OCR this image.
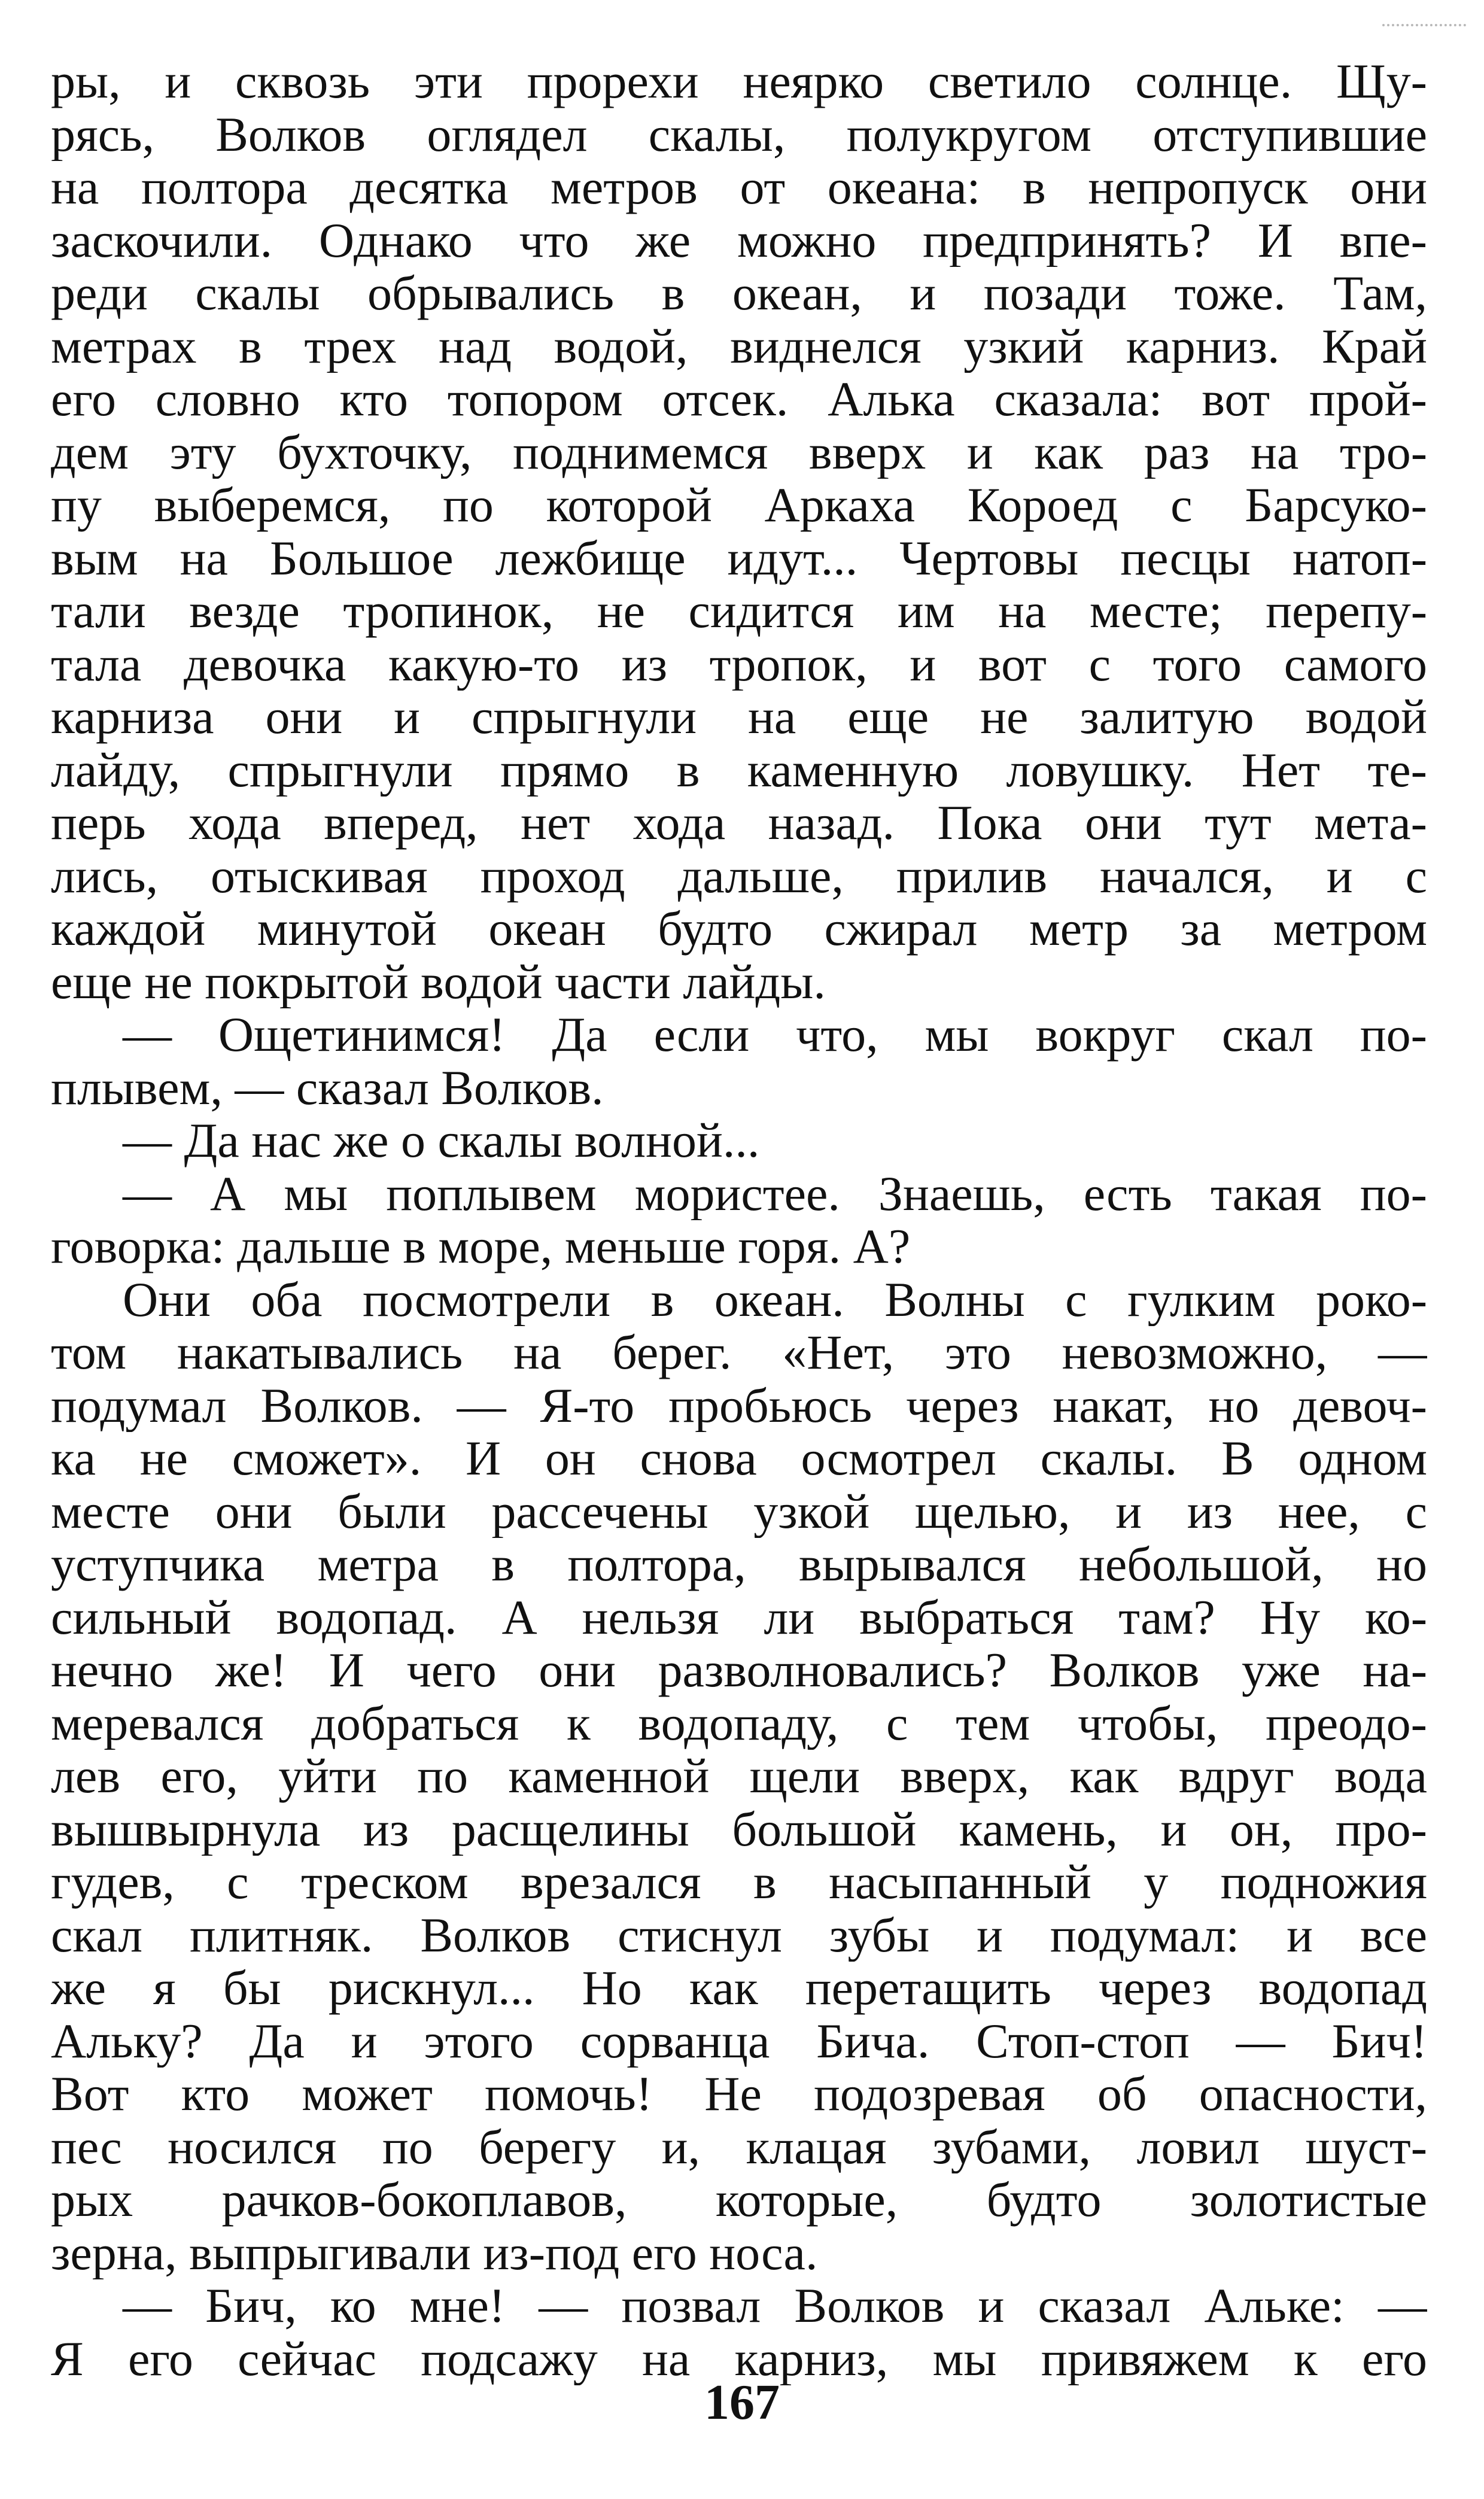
ры, и сквозь эти прорехи неярко светило солнце. Щу-
рясь, Волков оглядел скалы, полукругом отступившие
на полтора десятка метров от океана: в непропуск они
заскочили. Однако что же можно предпринять? И впе-
реди скалы обрывались в океан, и позади тоже. Там,
метрах в трех над водой, виднелся узкий карниз. Край
его словно кто топором отсек. Алька сказала: вот прой-
дем эту бухточку, поднимемся вверх и как раз на тро-
пу выберемся, по которой Аркаха Короед с Барсуко-
вым на Большое лежбище идут... Чертовы песцы натоп-
тали везде тропинок, не сидится им на месте; перепу-
тала девочка какую-то из тропок, и вот с того самого
карниза они и спрыгнули на еще не залитую водой
лайду, спрыгнули прямо в каменную ловушку. Нет те-
перь хода вперед, нет хода назад. Пока они тут мета-
лись, отыскивая проход дальше, прилив начался, и с
каждой минутой океан будто сжирал метр за метром
еще не покрытой водой части лайды.
— Ощетинимся! Да если что, мы вокруг скал по-
плывем, — сказал Волков.
— Да нас же о скалы волной...
— А мы поплывем мористее. Знаешь, есть такая по-
говорка: дальше в море, меньше горя. А?
Они оба посмотрели в океан. Волны с гулким роко-
том накатывались на берег. «Нет, это невозможно, —
подумал Волков. — Я-то пробьюсь через накат, но девоч-
ка не сможет». И он снова осмотрел скалы. В одном
месте они были рассечены узкой щелью, и из нее, с
уступчика метра в полтора, вырывался небольшой, но
сильный водопад. А нельзя ли выбраться там? Ну ко-
нечно же! И чего они разволновались? Волков уже на-
меревался добраться к водопаду, с тем чтобы, преодо-
лев его, уйти по каменной щели вверх, как вдруг вода
вышвырнула из расщелины большой камень, и он, про-
гудев, с треском врезался в насыпанный у подножия
скал плитняк. Волков стиснул зубы и подумал: и все
же я бы рискнул... Но как перетащить через водопад
Альку? Да и этого сорванца Бича. Стоп-стоп — Бич!
Вот кто может помочь! Не подозревая об опасности,
пес носился по берегу и, клацая зубами, ловил шуст-
рых рачков-бокоплавов, которые, будто золотистые
зерна, выпрыгивали из-под его носа.
— Бич, ко мне! — позвал Волков и сказал Альке: —
Я его сейчас подсажу на карниз, мы привяжем к его
167
